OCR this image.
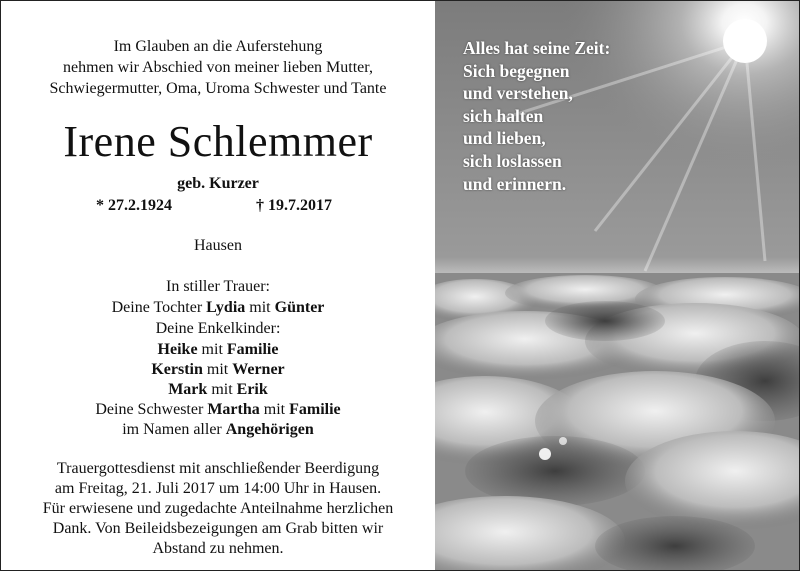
Im Glauben an die Auferstehung
nehmen wir Abschied von meiner lieben Mutter,
Schwiegermutter, Oma, Uroma Schwester und Tante
Irene Schlemmer
geb. Kurzer
* 27.2.1924	† 19.7.2017
Hausen
In stiller Trauer:
Deine Tochter Lydia mit Günter
Deine Enkelkinder:
Heike mit Familie
Kerstin mit Werner
Mark mit Erik
Deine Schwester Martha mit Familie
im Namen aller Angehörigen
Trauergottesdienst mit anschließender Beerdigung
am Freitag, 21. Juli 2017 um 14:00 Uhr in Hausen.
Für erwiesene und zugedachte Anteilnahme herzlichen
Dank. Von Beileidsbezeigungen am Grab bitten wir
Abstand zu nehmen.
Alles hat seine Zeit:
Sich begegnen
und verstehen,
sich halten
und lieben,
sich loslassen
und erinnern.
